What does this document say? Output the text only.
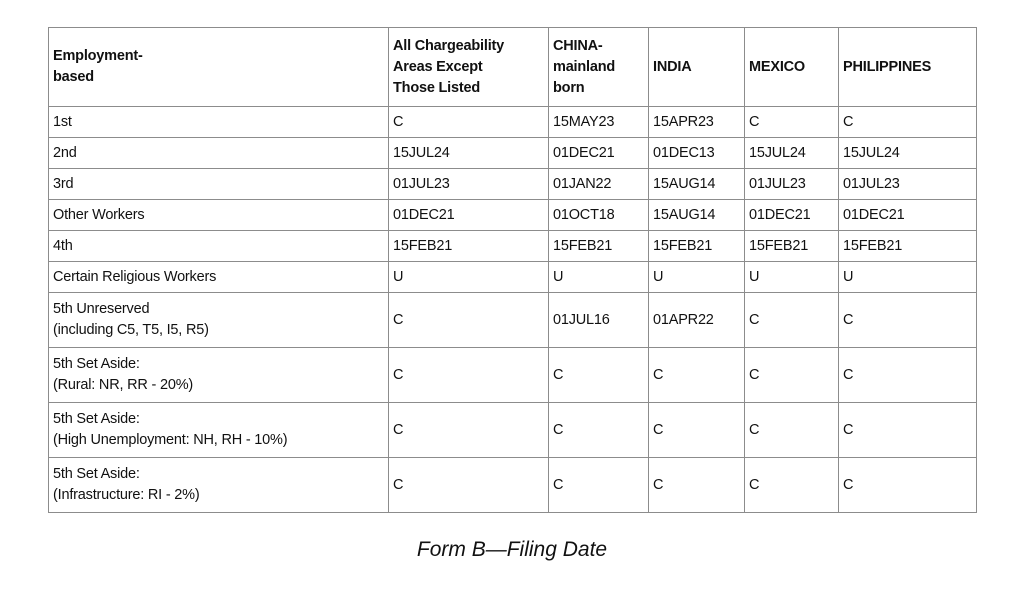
Employment-
based	All Chargeability
Areas Except
Those Listed	CHINA-
mainland
born	INDIA	MEXICO	PHILIPPINES

1st	C	15MAY23	15APR23	C	C
2nd	15JUL24	01DEC21	01DEC13	15JUL24	15JUL24
3rd	01JUL23	01JAN22	15AUG14	01JUL23	01JUL23
Other Workers	01DEC21	01OCT18	15AUG14	01DEC21	01DEC21
4th	15FEB21	15FEB21	15FEB21	15FEB21	15FEB21
Certain Religious Workers	U	U	U	U	U

5th Unreserved
(including C5, T5, I5, R5)	C	01JUL16	01APR22	C	C

5th Set Aside:
(Rural: NR, RR - 20%)	C	C	C	C	C

5th Set Aside:
(High Unemployment: NH, RH - 10%)	C	C	C	C	C

5th Set Aside:
(Infrastructure: RI - 2%)	C	C	C	C	C
Form B—Filing Date
